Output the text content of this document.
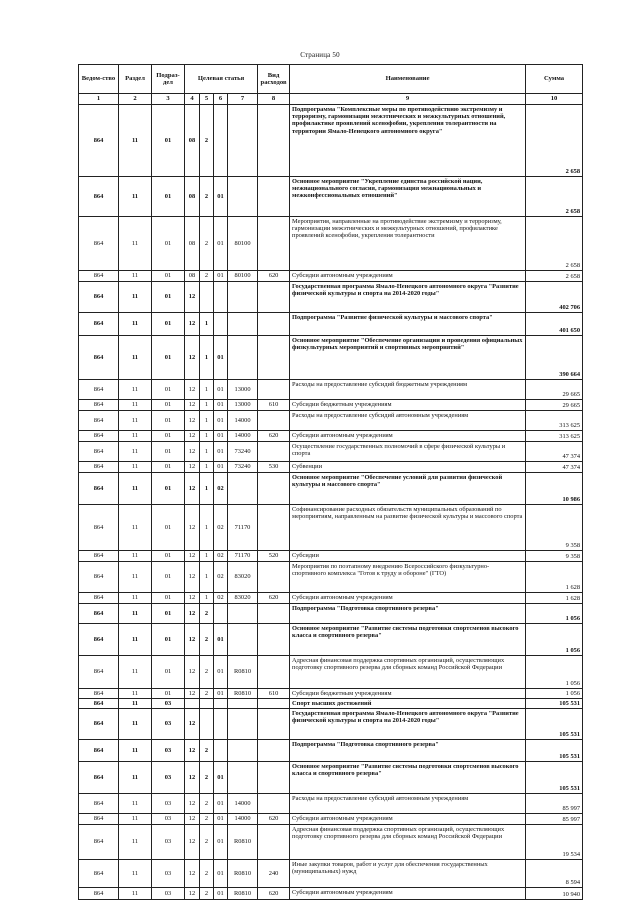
Страница 50
Ведом-ство	Раздел	Подраз-дел	Целевая статья				Вид расходов	Наименование	Сумма
1	2	3	4	5	6	7	8	9	10
864	11	01	08	2				Подпрограмма "Комплексные меры по противодействию экстремизму и терроризму, гармонизации межэтнических и межкультурных отношений, профилактике проявлений ксенофобии, укрепления толерантности на территории Ямало-Ненецкого автономного округа"	2 658
864	11	01	08	2	01			Основное мероприятие "Укрепление единства российской нации, межнационального согласия, гармонизация межнациональных и межконфессиональных отношений"	2 658
864	11	01	08	2	01	80100		Мероприятия, направленные на противодействие экстремизму и терроризму, гармонизации межэтнических и межкультурных отношений, профилактике проявлений ксенофобии, укрепления толерантности	2 658
864	11	01	08	2	01	80100	620	Субсидии автономным учреждениям	2 658
864	11	01	12					Государственная программа Ямало-Ненецкого автономного округа "Развитие физической культуры и спорта на 2014-2020 годы"	402 706
864	11	01	12	1				Подпрограмма "Развитие физической культуры и массового спорта"	401 650
864	11	01	12	1	01			Основное мероприятие "Обеспечение организации и проведения официальных физкультурных мероприятий и спортивных мероприятий"	390 664
864	11	01	12	1	01	13000		Расходы на предоставление субсидий бюджетным учреждениям	29 665
864	11	01	12	1	01	13000	610	Субсидии бюджетным учреждениям	29 665
864	11	01	12	1	01	14000		Расходы на предоставление субсидий автономным учреждениям	313 625
864	11	01	12	1	01	14000	620	Субсидии автономным учреждениям	313 625
864	11	01	12	1	01	73240		Осуществление государственных полномочий в сфере физической культуры и спорта	47 374
864	11	01	12	1	01	73240	530	Субвенции	47 374
864	11	01	12	1	02			Основное мероприятие "Обеспечение условий для развития физической культуры и массового спорта"	10 986
864	11	01	12	1	02	71170		Софинансирование расходных обязательств муниципальных образований по мероприятиям, направленным на развитие физической культуры и массового спорта	9 358
864	11	01	12	1	02	71170	520	Субсидии	9 358
864	11	01	12	1	02	83020		Мероприятия по поэтапному внедрению Всероссийского физкультурно-спортивного комплекса "Готов к труду и обороне" (ГТО)	1 628
864	11	01	12	1	02	83020	620	Субсидии автономным учреждениям	1 628
864	11	01	12	2				Подпрограмма "Подготовка спортивного резерва"	1 056
864	11	01	12	2	01			Основное мероприятие "Развитие системы подготовки спортсменов высокого класса и спортивного резерва"	1 056
864	11	01	12	2	01	R0810		Адресная финансовая поддержка спортивных организаций, осуществляющих подготовку спортивного резерва для сборных команд Российской Федерации	1 056
864	11	01	12	2	01	R0810	610	Субсидии бюджетным учреждениям	1 056
864	11	03						Спорт высших достижений	105 531
864	11	03	12					Государственная программа Ямало-Ненецкого автономного округа "Развитие физической культуры и спорта на 2014-2020 годы"	105 531
864	11	03	12	2				Подпрограмма "Подготовка спортивного резерва"	105 531
864	11	03	12	2	01			Основное мероприятие "Развитие системы подготовки спортсменов высокого класса и спортивного резерва"	105 531
864	11	03	12	2	01	14000		Расходы на предоставление субсидий автономным учреждениям	85 997
864	11	03	12	2	01	14000	620	Субсидии автономным учреждениям	85 997
864	11	03	12	2	01	R0810		Адресная финансовая поддержка спортивных организаций, осуществляющих подготовку спортивного резерва для сборных команд Российской Федерации	19 534
864	11	03	12	2	01	R0810	240	Иные закупки товаров, работ и услуг для обеспечения государственных (муниципальных) нужд	8 594
864	11	03	12	2	01	R0810	620	Субсидии автономным учреждениям	10 940
